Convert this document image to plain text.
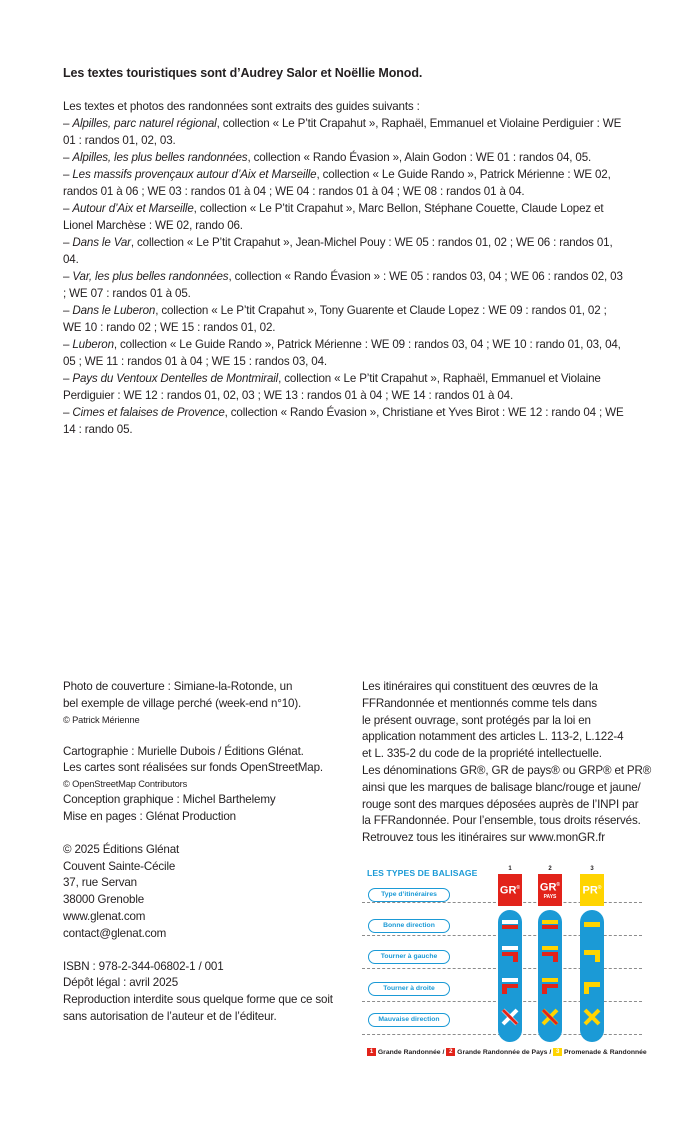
Les textes touristiques sont d’Audrey Salor et Noëllie Monod.

Les textes et photos des randonnées sont extraits des guides suivants :

– Alpilles, parc naturel régional, collection « Le P’tit Crapahut », Raphaël, Emmanuel et Violaine Perdiguier : WE 01 : randos 01, 02, 03.

– Alpilles, les plus belles randonnées, collection « Rando Évasion », Alain Godon : WE 01 : randos 04, 05.

– Les massifs provençaux autour d’Aix et Marseille, collection « Le Guide Rando », Patrick Mérienne : WE 02, randos 01 à 06 ; WE 03 : randos 01 à 04 ; WE 04 : randos 01 à 04 ; WE 08 : randos 01 à 04.

– Autour d’Aix et Marseille, collection « Le P’tit Crapahut », Marc Bellon, Stéphane Couette, Claude Lopez et Lionel Marchèse : WE 02, rando 06.

– Dans le Var, collection « Le P’tit Crapahut », Jean-Michel Pouy : WE 05 : randos 01, 02 ; WE 06 : randos 01, 04.

– Var, les plus belles randonnées, collection « Rando Évasion » : WE 05 : randos 03, 04 ; WE 06 : randos 02, 03 ; WE 07 : randos 01 à 05.

– Dans le Luberon, collection « Le P’tit Crapahut », Tony Guarente et Claude Lopez : WE 09 : randos 01, 02 ; WE 10 : rando 02 ; WE 15 : randos 01, 02.

– Luberon, collection « Le Guide Rando », Patrick Mérienne : WE 09 : randos 03, 04 ; WE 10 : rando 01, 03, 04, 05 ; WE 11 : randos 01 à 04 ; WE 15 : randos 03, 04.

– Pays du Ventoux Dentelles de Montmirail, collection « Le P’tit Crapahut », Raphaël, Emmanuel et Violaine Perdiguier : WE 12 : randos 01, 02, 03 ; WE 13 : randos 01 à 04 ; WE 14 : randos 01 à 04.

– Cimes et falaises de Provence, collection « Rando Évasion », Christiane et Yves Birot : WE 12 : rando 04 ; WE 14 : rando 05.

Photo de couverture : Simiane-la-Rotonde, un

bel exemple de village perché (week-end n°10).

© Patrick Mérienne

Cartographie : Murielle Dubois / Éditions Glénat.

Les cartes sont réalisées sur fonds OpenStreetMap.

© OpenStreetMap Contributors

Conception graphique : Michel Barthelemy

Mise en pages : Glénat Production

© 2025 Éditions Glénat

Couvent Sainte-Cécile

37, rue Servan

38000 Grenoble

www.glenat.com

contact@glenat.com

ISBN : 978-2-344-06802-1 / 001

Dépôt légal : avril 2025

Reproduction interdite sous quelque forme que ce soit

sans autorisation de l’auteur et de l’éditeur.

Les itinéraires qui constituent des œuvres de la

FFRandonnée et mentionnés comme tels dans

le présent ouvrage, sont protégés par la loi en

application notamment des articles L. 113-2, L.122-4

et L. 335-2 du code de la propriété intellectuelle.

Les dénominations GR®, GR de pays® ou GRP® et PR®

ainsi que les marques de balisage blanc/rouge et jaune/

rouge sont des marques déposées auprès de l’INPI par

la FFRandonnée. Pour l’ensemble, tous droits réservés.

Retrouvez tous les itinéraires sur www.monGR.fr

LES TYPES DE BALISAGE
Type d’itinéraires
Bonne direction
Tourner à gauche
Tourner à droite
Mauvaise direction
1
GR®
2
GR®
PAYS
3
PR®
1 Grande Randonnée / 2 Grande Randonnée de Pays / 3 Promenade & Randonnée
